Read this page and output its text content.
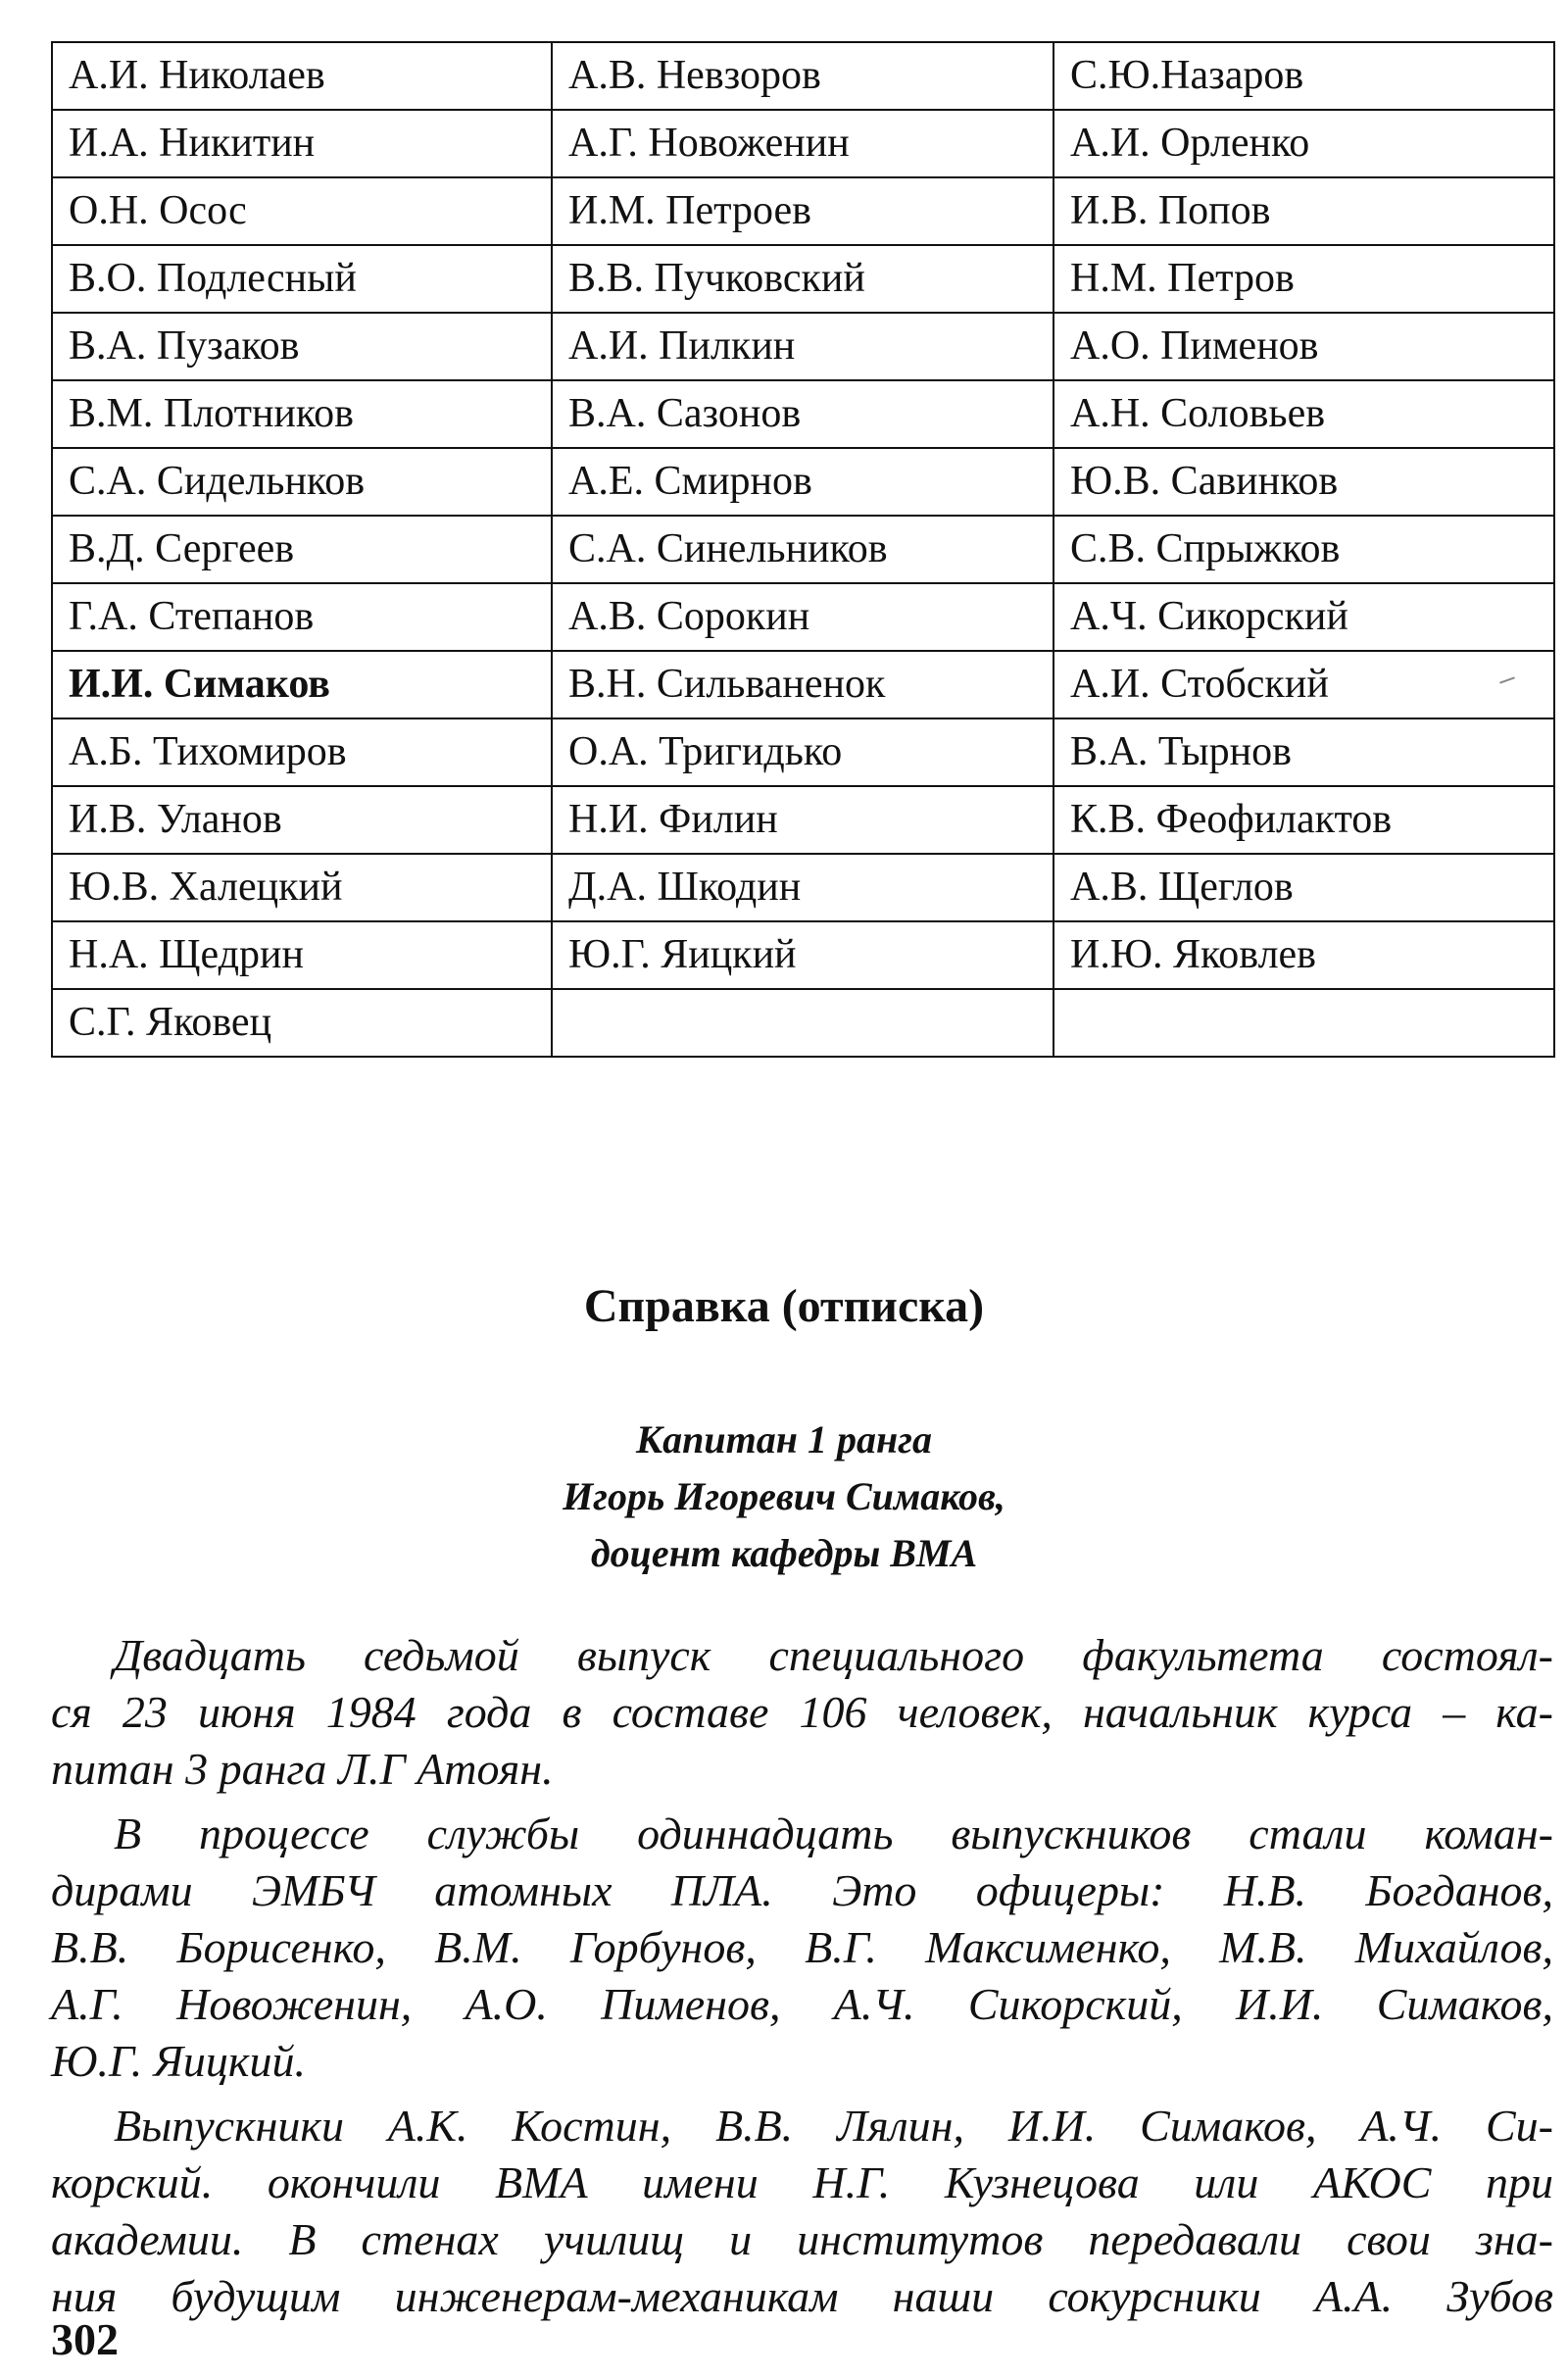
А.И. Николаев	А.В. Невзоров	С.Ю.Назаров
И.А. Никитин	А.Г. Новоженин	А.И. Орленко
О.Н. Осос	И.М. Петроев	И.В. Попов
В.О. Подлесный	В.В. Пучковский	Н.М. Петров
В.А. Пузаков	А.И. Пилкин	А.О. Пименов
В.М. Плотников	В.А. Сазонов	А.Н. Соловьев
С.А. Сидельнков	А.Е. Смирнов	Ю.В. Савинков
В.Д. Сергеев	С.А. Синельников	С.В. Спрыжков
Г.А. Степанов	А.В. Сорокин	А.Ч. Сикорский
И.И. Симаков	В.Н. Сильваненок	А.И. Стобский
А.Б. Тихомиров	О.А. Тригидько	В.А. Тырнов
И.В. Уланов	Н.И. Филин	К.В. Феофилактов
Ю.В. Халецкий	Д.А. Шкодин	А.В. Щеглов
Н.А. Щедрин	Ю.Г. Яицкий	И.Ю. Яковлев
С.Г. Яковец		
Справка (отписка)
Капитан 1 ранга
Игорь Игоревич Симаков,
доцент кафедры ВМА
Двадцать седьмой выпуск специального факультета состоял-
ся 23 июня 1984 года в составе 106 человек, начальник курса – ка-
питан 3 ранга Л.Г Атоян.
В процессе службы одиннадцать выпускников стали коман-
дирами ЭМБЧ атомных ПЛА. Это офицеры: Н.В. Богданов,
В.В. Борисенко, В.М. Горбунов, В.Г. Максименко, М.В. Михайлов,
А.Г. Новоженин, А.О. Пименов, А.Ч. Сикорский, И.И. Симаков,
Ю.Г. Яицкий.
Выпускники А.К. Костин, В.В. Лялин, И.И. Симаков, А.Ч. Си-
корский. окончили ВМА имени Н.Г. Кузнецова или АКОС при
академии. В стенах училищ и институтов передавали свои зна-
ния будущим инженерам-механикам наши сокурсники А.А. Зубов
302
